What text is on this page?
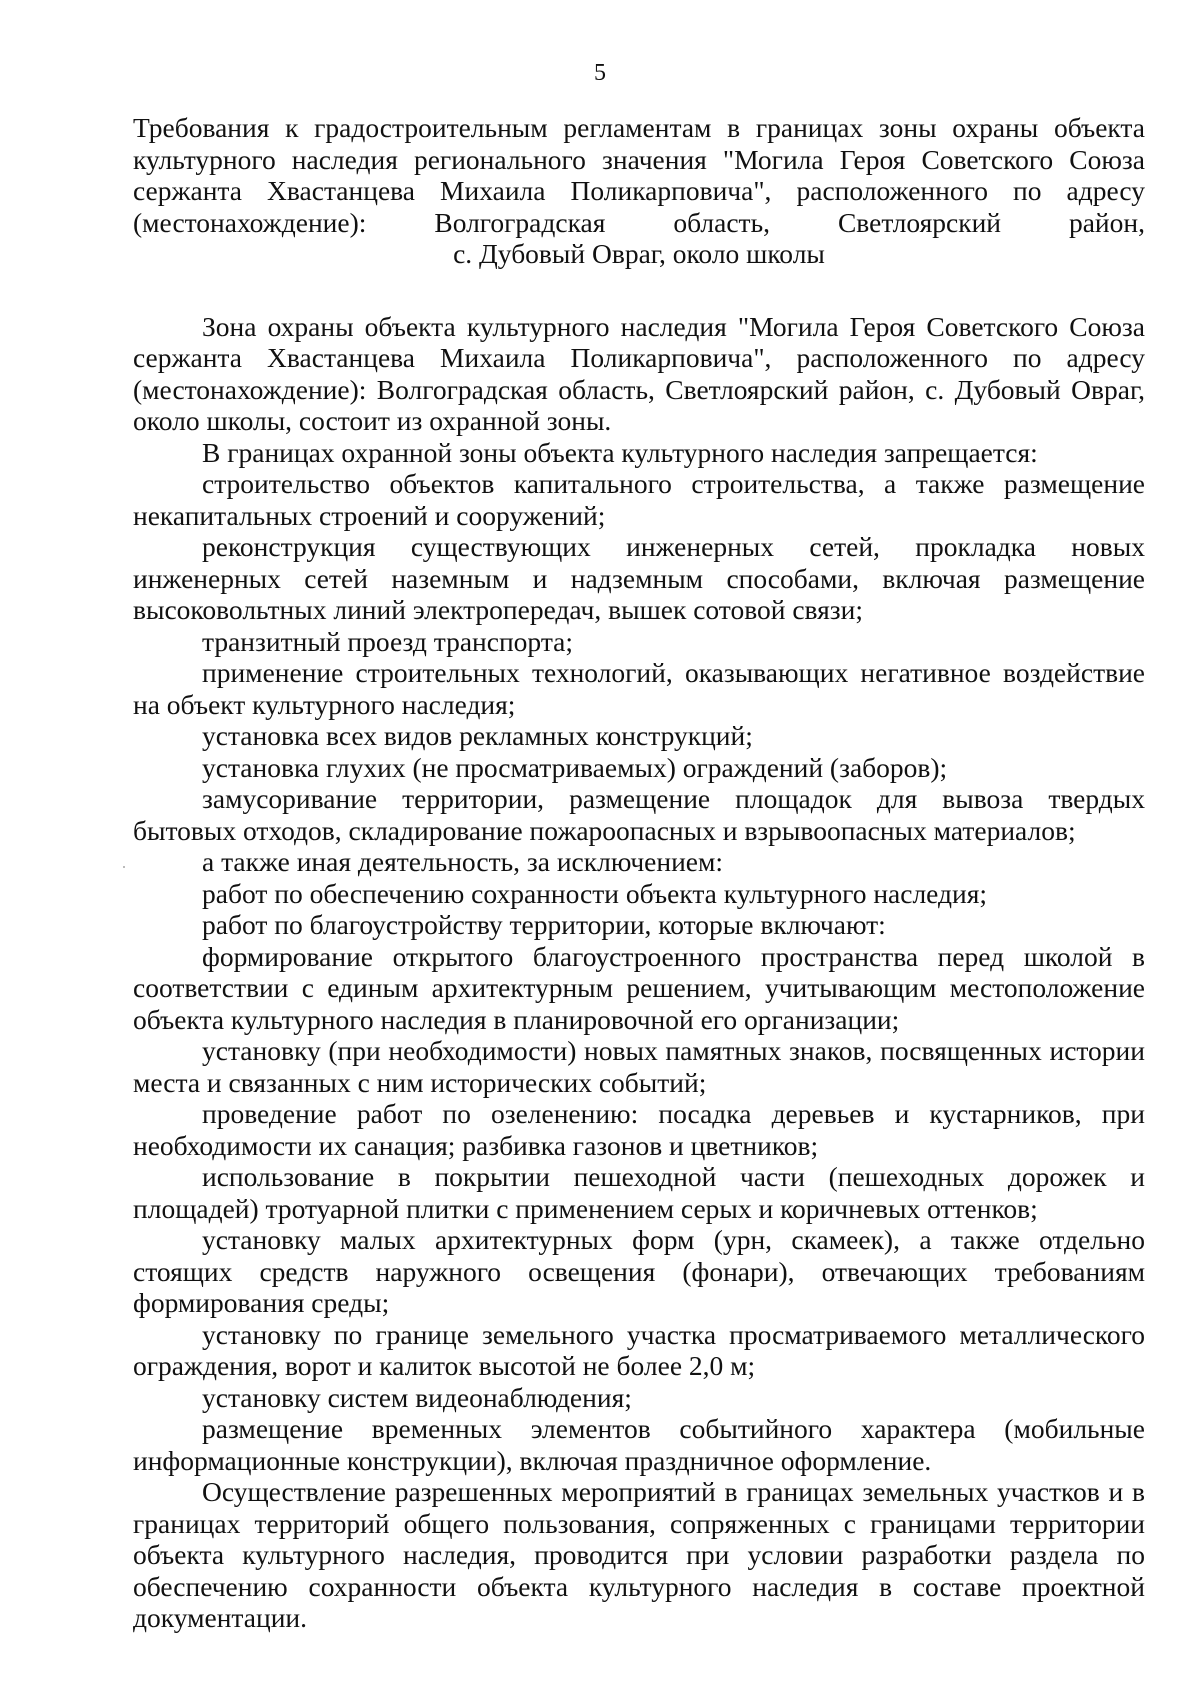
5

Требования к градостроительным регламентам в границах зоны охраны объекта

культурного наследия регионального значения "Могила Героя Советского Союза

сержанта Хвастанцева Михаила Поликарповича", расположенного по адресу

(местонахождение): Волгоградская область, Светлоярский район,

с. Дубовый Овраг, около школы

Зона охраны объекта культурного наследия "Могила Героя Советского Союза сержанта Хвастанцева Михаила Поликарповича", расположенного по адресу (местонахождение): Волгоградская область, Светлоярский район, с. Дубовый Овраг, около школы, состоит из охранной зоны.

В границах охранной зоны объекта культурного наследия запрещается:

строительство объектов капитального строительства, а также размещение некапитальных строений и сооружений;

реконструкция существующих инженерных сетей, прокладка новых инженерных сетей наземным и надземным способами, включая размещение высоковольтных линий электропередач, вышек сотовой связи;

транзитный проезд транспорта;

применение строительных технологий, оказывающих негативное воздействие на объект культурного наследия;

установка всех видов рекламных конструкций;

установка глухих (не просматриваемых) ограждений (заборов);

замусоривание территории, размещение площадок для вывоза твердых бытовых отходов, складирование пожароопасных и взрывоопасных материалов;

а также иная деятельность, за исключением:

работ по обеспечению сохранности объекта культурного наследия;

работ по благоустройству территории, которые включают:

формирование открытого благоустроенного пространства перед школой в соответствии с единым архитектурным решением, учитывающим местоположение объекта культурного наследия в планировочной его организации;

установку (при необходимости) новых памятных знаков, посвященных истории места и связанных с ним исторических событий;

проведение работ по озеленению: посадка деревьев и кустарников, при необходимости их санация; разбивка газонов и цветников;

использование в покрытии пешеходной части (пешеходных дорожек и площадей) тротуарной плитки с применением серых и коричневых оттенков;

установку малых архитектурных форм (урн, скамеек), а также отдельно стоящих средств наружного освещения (фонари), отвечающих требованиям формирования среды;

установку по границе земельного участка просматриваемого металлического ограждения, ворот и калиток высотой не более 2,0 м;

установку систем видеонаблюдения;

размещение временных элементов событийного характера (мобильные информационные конструкции), включая праздничное оформление.

Осуществление разрешенных мероприятий в границах земельных участков и в границах территорий общего пользования, сопряженных с границами территории объекта культурного наследия, проводится при условии разработки раздела по обеспечению сохранности объекта культурного наследия в составе проектной документации.
